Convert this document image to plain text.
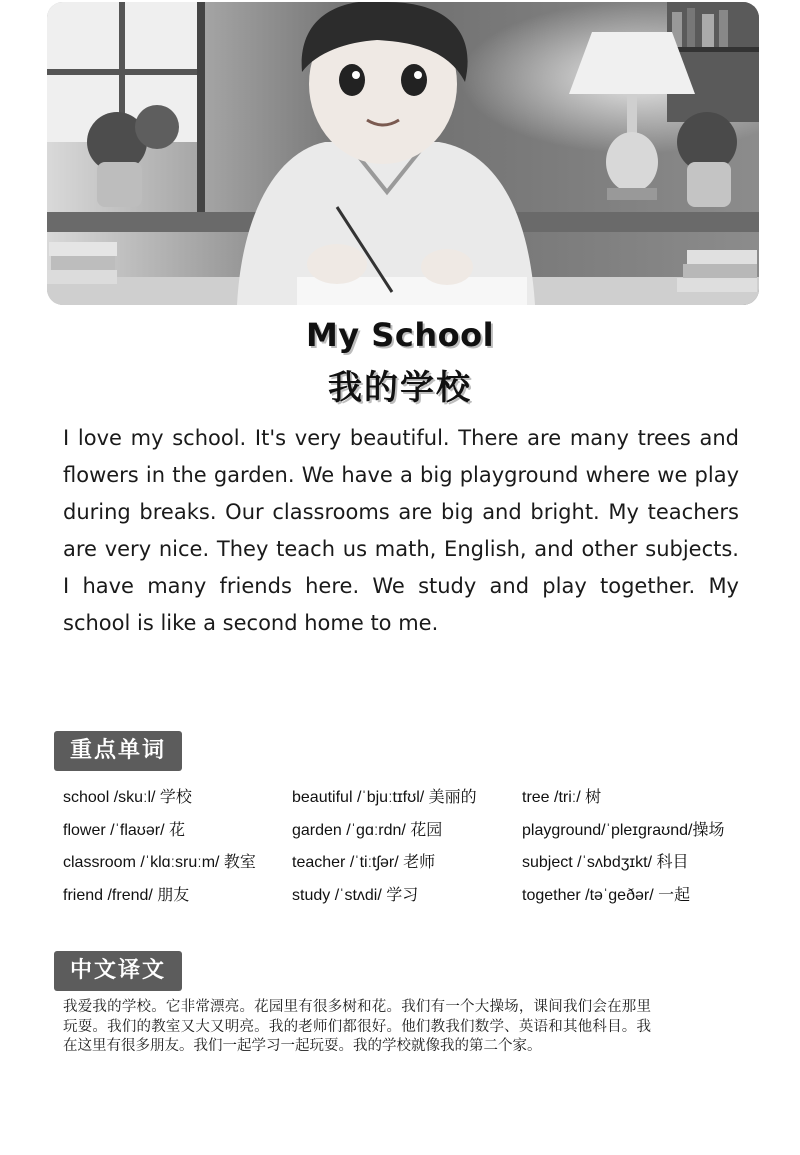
My School
我的学校

I love my school. It's very beautiful. There are many trees and flowers in the garden. We have a big playground where we play during breaks. Our classrooms are big and bright. My teachers are very nice. They teach us math, English, and other subjects. I have many friends here. We study and play together. My school is like a second home to me.

重点单词
school /skuːl/ 学校
flower /ˈflaʊər/ 花
classroom /ˈklɑːsruːm/ 教室
friend /frend/ 朋友
beautiful /ˈbjuːtɪfʊl/ 美丽的
garden /ˈɡɑːrdn/ 花园
teacher /ˈtiːtʃər/ 老师
study /ˈstʌdi/ 学习
tree /triː/ 树
playground/ˈpleɪɡraʊnd/操场
subject /ˈsʌbdʒɪkt/ 科目
together /təˈɡeðər/ 一起
中文译文

我爱我的学校。它非常漂亮。花园里有很多树和花。我们有一个大操场，课间我们会在那里玩耍。我们的教室又大又明亮。我的老师们都很好。他们教我们数学、英语和其他科目。我在这里有很多朋友。我们一起学习一起玩耍。我的学校就像我的第二个家。
